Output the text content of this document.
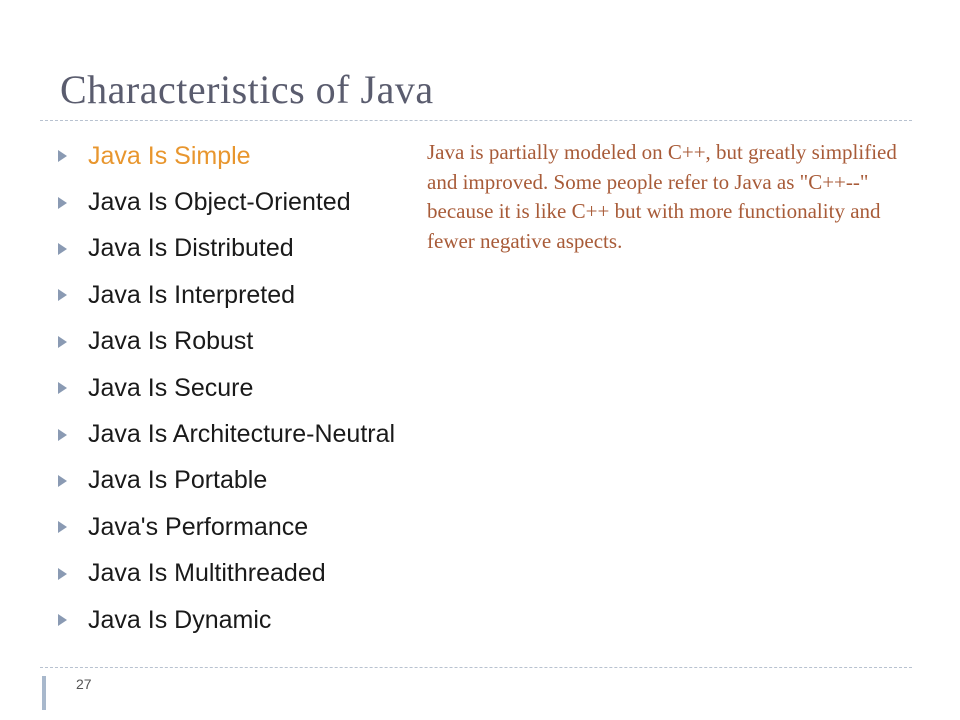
Characteristics of Java
Java Is Simple
Java Is Object-Oriented
Java Is Distributed
Java Is Interpreted
Java Is Robust
Java Is Secure
Java Is Architecture-Neutral
Java Is Portable
Java's Performance
Java Is Multithreaded
Java Is Dynamic
Java is partially modeled on C++, but greatly simplified and improved. Some people refer to Java as "C++--" because it is like C++ but with more functionality and fewer negative aspects.
27
